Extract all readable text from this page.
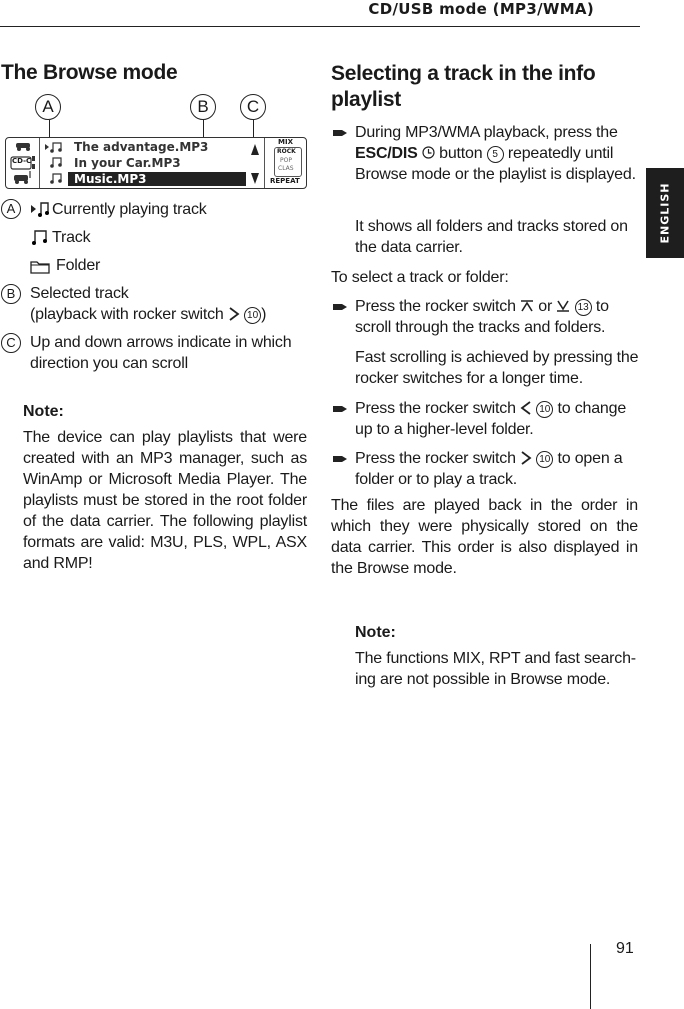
CD/USB mode (MP3/WMA)
ENGLISH
The Browse mode
A	B	C
CD-C
The advantage.MP3
In your Car.MP3
Music.MP3
MIX
ROCK
POP
CLAS
REPEAT
A	Currently playing track
Track
Folder
B Selected track
(playback with rocker switch 10 )
C Up and down arrows indicate in which
direction you can scroll
Note:
The device can play playlists that were created with an MP3 manager, such as WinAmp or Microsoft Media Player. The playlists must be stored in the root folder of the data carrier. The following playlist formats are valid: M3U, PLS, WPL, ASX and RMP!
Selecting a track in the info playlist
During MP3/WMA playback, press the ESC/DIS  button 5 repeatedly until Browse mode or the playlist is displayed.
It shows all folders and tracks stored on the data carrier.
To select a track or folder:
Press the rocker switch or	13 to scroll through the tracks and folders.
Fast scrolling is achieved by pressing the rocker switches for a longer time.
Press the rocker switch 10 to change up to a higher-level folder.
Press the rocker switch 10 to open a folder or to play a track.
The files are played back in the order in which they were physically stored on the data carrier. This order is also displayed in the Browse mode.
Note:
The functions MIX, RPT and fast search-ing are not possible in Browse mode.
91
